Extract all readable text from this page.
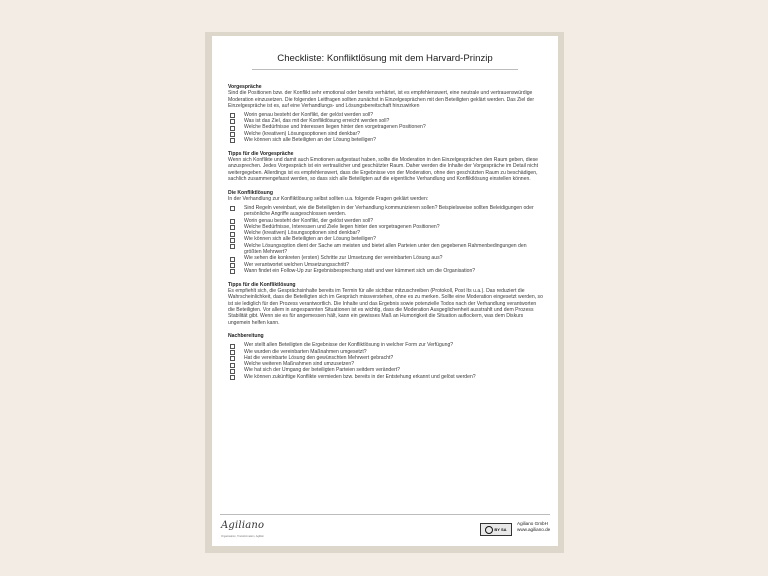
Checkliste: Konfliktlösung mit dem Harvard-Prinzip
Vorgespräche

Sind die Positionen bzw. der Konflikt sehr emotional oder bereits verhärtet, ist es empfehlenswert, eine neutrale und vertrauenswürdige Moderation einzusetzen. Die folgenden Leitfragen sollten zunächst in Einzelgesprächen mit den Beteiligten geklärt werden. Das Ziel der Einzelgespräche ist es, auf eine Verhandlungs- und Lösungsbereitschaft hinzuwirken

Worin genau besteht der Konflikt, der gelöst werden soll?
Was ist das Ziel, das mit der Konfliktlösung erreicht werden soll?
Welche Bedürfnisse und Interessen liegen hinter den vorgetragenen Positionen?
Welche (kreativen) Lösungsoptionen sind denkbar?
Wie können sich alle Beteiligten an der Lösung beteiligen?
Tipps für die Vorgespräche

Wenn sich Konflikte und damit auch Emotionen aufgestaut haben, sollte die Moderation in den Einzelgesprächen den Raum geben, diese anzusprechen. Jedes Vorgespräch ist ein vertraulicher und geschützter Raum. Daher werden die Inhalte der Vorgespräche im Detail nicht weitergegeben. Allerdings ist es empfehlenswert, dass die Ergebnisse von der Moderation, ohne den geschützten Raum zu beschädigen, sachlich zusammengefasst werden, so dass sich alle Beteiligten auf die eigentliche Verhandlung und Konfliktlösung einstellen können.

Die Konfliktlösung

In der Verhandlung zur Konfliktlösung selbst sollten u.a. folgende Fragen geklärt werden:

Sind Regeln vereinbart, wie die Beteiligten in der Verhandlung kommunizieren sollen? Beispielsweise sollten Beleidigungen oder persönliche Angriffe ausgeschlossen werden.
Worin genau besteht der Konflikt, der gelöst werden soll?
Welche Bedürfnisse, Interessen und Ziele liegen hinter den vorgetragenen Positionen?
Welche (kreativen) Lösungsoptionen sind denkbar?
Wie können sich alle Beteiligten an der Lösung beteiligen?
Welche Lösungsoption dient der Sache am meisten und bietet allen Parteien unter den gegebenen Rahmenbedingungen den größten Mehrwert?
Wie sehen die konkreten (ersten) Schritte zur Umsetzung der vereinbarten Lösung aus?
Wer verantwortet welchen Umsetzungsschritt?
Wann findet ein Follow-Up zur Ergebnisbesprechung statt und wer kümmert sich um die Organisation?
Tipps für die Konfliktlösung

Es empfiehlt sich, die Gesprächsinhalte bereits im Termin für alle sichtbar mitzuschreiben (Protokoll, Post Its u.a.). Das reduziert die Wahrscheinlichkeit, dass die Beteiligten sich im Gespräch missverstehen, ohne es zu merken. Sollte eine Moderation eingesetzt werden, so ist sie lediglich für den Prozess verantwortlich. Die Inhalte und das Ergebnis sowie potenzielle Todos nach der Verhandlung verantworten die Beteiligten. Vor allem in angespannten Situationen ist es wichtig, dass die Moderation Ausgeglichenheit ausstrahlt und dem Prozess Stabilität gibt. Wenn sie es für angemessen hält, kann ein gewisses Maß an Humorigkeit die Situation auflockern, was dem Diskurs ungemein helfen kann.

Nachbereitung
Wer stellt allen Beteiligten die Ergebnisse der Konfliktlösung in welcher Form zur Verfügung?
Wie wurden die vereinbarten Maßnahmen umgesetzt?
Hat die vereinbarte Lösung den gewünschten Mehrwert gebracht?
Welche weiteren Maßnahmen sind umzusetzen?
Wie hat sich der Umgang der beteiligten Parteien seitdem verändert?
Wie können zukünftige Konflikte vermieden bzw. bereits in der Entstehung erkannt und gelöst werden?
Agiliano
Organisation, Transformation, Agilität
BY SA
Agiliano GmbH
www.agiliano.de
